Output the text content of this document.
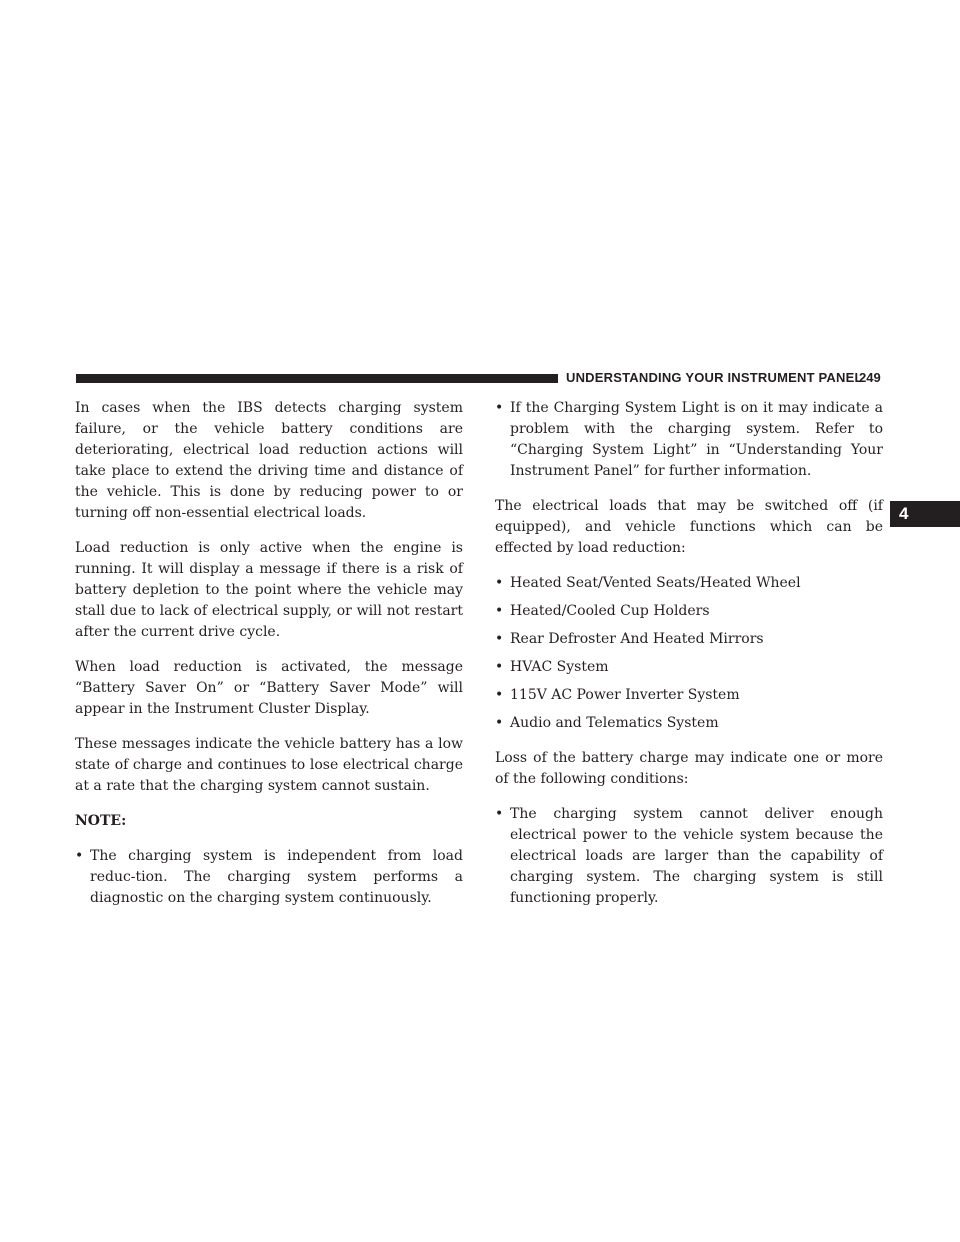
UNDERSTANDING YOUR INSTRUMENT PANEL
249
4

In cases when the IBS detects charging system failure, or the vehicle battery conditions are deteriorating, electrical load reduction actions will take place to extend the driving time and distance of the vehicle. This is done by reducing power to or turning off non-essential electrical loads.

Load reduction is only active when the engine is running. It will display a message if there is a risk of battery depletion to the point where the vehicle may stall due to lack of electrical supply, or will not restart after the current drive cycle.

When load reduction is activated, the message “Battery Saver On” or “Battery Saver Mode” will appear in the Instrument Cluster Display.

These messages indicate the vehicle battery has a low state of charge and continues to lose electrical charge at a rate that the charging system cannot sustain.

NOTE:

• The charging system is independent from load reduc-tion. The charging system performs a diagnostic on the charging system continuously.
• If the Charging System Light is on it may indicate a problem with the charging system. Refer to “Charging System Light” in “Understanding Your Instrument Panel” for further information.

The electrical loads that may be switched off (if equipped), and vehicle functions which can be effected by load reduction:

• Heated Seat/Vented Seats/Heated Wheel
• Heated/Cooled Cup Holders
• Rear Defroster And Heated Mirrors
• HVAC System
• 115V AC Power Inverter System
• Audio and Telematics System

Loss of the battery charge may indicate one or more of the following conditions:

• The charging system cannot deliver enough electrical power to the vehicle system because the electrical loads are larger than the capability of charging system. The charging system is still functioning properly.
